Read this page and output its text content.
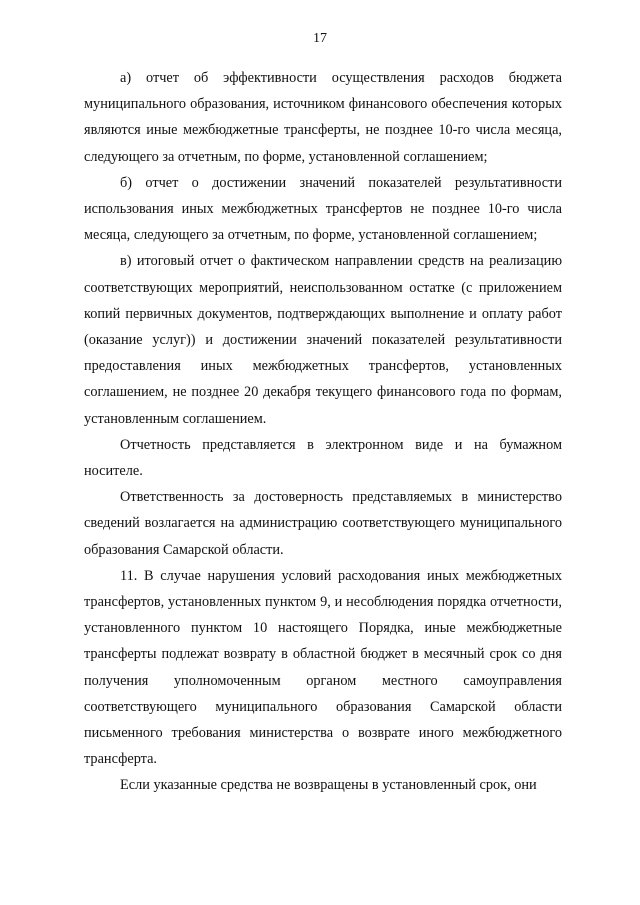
17

а) отчет об эффективности осуществления расходов бюджета муниципального образования, источником финансового обеспечения которых являются иные межбюджетные трансферты, не позднее 10-го числа месяца, следующего за отчетным, по форме, установленной соглашением;

б) отчет о достижении значений показателей результативности использования иных межбюджетных трансфертов не позднее 10-го числа месяца, следующего за отчетным, по форме, установленной соглашением;

в) итоговый отчет о фактическом направлении средств на реализацию соответствующих мероприятий, неиспользованном остатке (с приложением копий первичных документов, подтверждающих выполнение и оплату работ (оказание услуг)) и достижении значений показателей результативности предоставления иных межбюджетных трансфертов, установленных соглашением, не позднее 20 декабря текущего финансового года по формам, установленным соглашением.

Отчетность представляется в электронном виде и на бумажном носителе.

Ответственность за достоверность представляемых в министерство сведений возлагается на администрацию соответствующего муниципального образования Самарской области.

11. В случае нарушения условий расходования иных межбюджетных трансфертов, установленных пунктом 9, и несоблюдения порядка отчетности, установленного пунктом 10 настоящего Порядка, иные межбюджетные трансферты подлежат возврату в областной бюджет в месячный срок со дня получения уполномоченным органом местного самоуправления соответствующего муниципального образования Самарской области письменного требования министерства о возврате иного межбюджетного трансферта.

Если указанные средства не возвращены в установленный срок, они
